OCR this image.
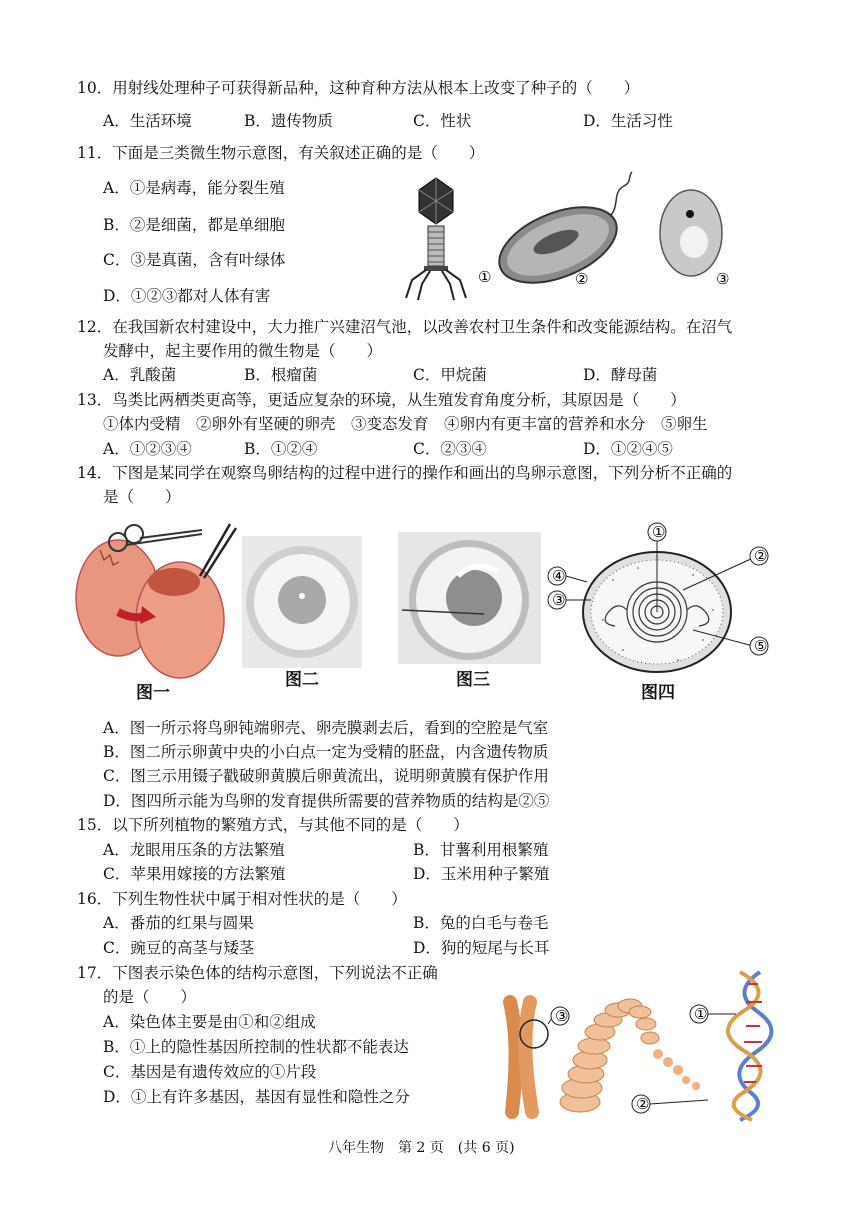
10．用射线处理种子可获得新品种，这种育种方法从根本上改变了种子的（　　）
A．生活环境	B．遗传物质	C．性状	D．生活习性
11．下面是三类微生物示意图，有关叙述正确的是（　　）
A．①是病毒，能分裂生殖
B．②是细菌，都是单细胞
C．③是真菌，含有叶绿体
D．①②③都对人体有害
①	②	③
12．在我国新农村建设中，大力推广兴建沼气池，以改善农村卫生条件和改变能源结构。在沼气
发酵中，起主要作用的微生物是（　　）
A．乳酸菌	B．根瘤菌	C．甲烷菌	D．酵母菌
13．鸟类比两栖类更高等，更适应复杂的环境，从生殖发育角度分析，其原因是（　　）
①体内受精　②卵外有坚硬的卵壳　③变态发育　④卵内有更丰富的营养和水分　⑤卵生
A．①②③④	B．①②④	C．②③④	D．①②④⑤
14．下图是某同学在观察鸟卵结构的过程中进行的操作和画出的鸟卵示意图，下列分析不正确的
是（　　）
图一
图二	图三
①
②
③
④
⑤
图四
A．图一所示将鸟卵钝端卵壳、卵壳膜剥去后，看到的空腔是气室
B．图二所示卵黄中央的小白点一定为受精的胚盘，内含遗传物质
C．图三示用镊子戳破卵黄膜后卵黄流出，说明卵黄膜有保护作用
D．图四所示能为鸟卵的发育提供所需要的营养物质的结构是②⑤
15．以下所列植物的繁殖方式，与其他不同的是（　　）
A．龙眼用压条的方法繁殖	B．甘薯利用根繁殖
C．苹果用嫁接的方法繁殖	D．玉米用种子繁殖
16．下列生物性状中属于相对性状的是（　　）
A．番茄的红果与圆果	B．兔的白毛与卷毛
C．豌豆的高茎与矮茎	D．狗的短尾与长耳
17．下图表示染色体的结构示意图，下列说法不正确
的是（　　）
A．染色体主要是由①和②组成
B．①上的隐性基因所控制的性状都不能表达
C．基因是有遗传效应的①片段
D．①上有许多基因，基因有显性和隐性之分
③	①
②
八年生物　第 2 页　(共 6 页)
